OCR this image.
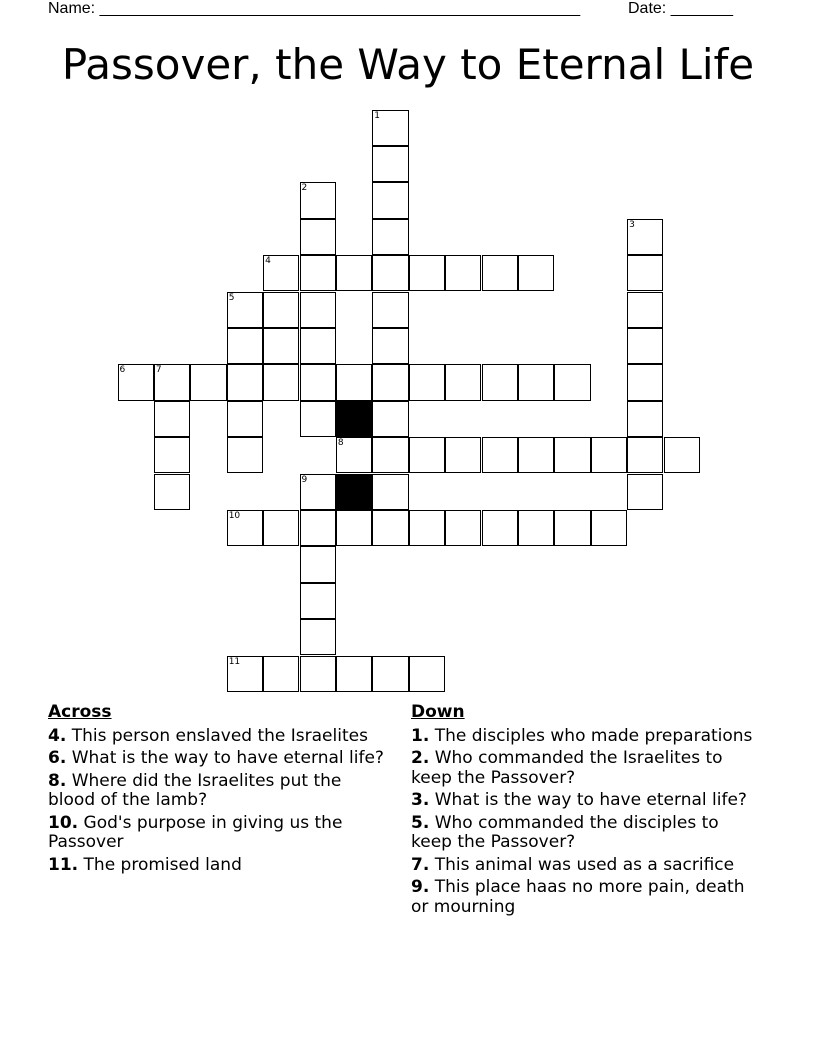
Name: ______________________________________________________	Date: _______
Passover, the Way to Eternal Life
1
2
3
4
5
6	7
8
9
10
11
Across
4. This person enslaved the Israelites
6. What is the way to have eternal life?
8. Where did the Israelites put the blood of the lamb?
10. God's purpose in giving us the Passover
11. The promised land
Down
1. The disciples who made preparations
2. Who commanded the Israelites to keep the Passover?
3. What is the way to have eternal life?
5. Who commanded the disciples to keep the Passover?
7. This animal was used as a sacrifice
9. This place haas no more pain, death or mourning
